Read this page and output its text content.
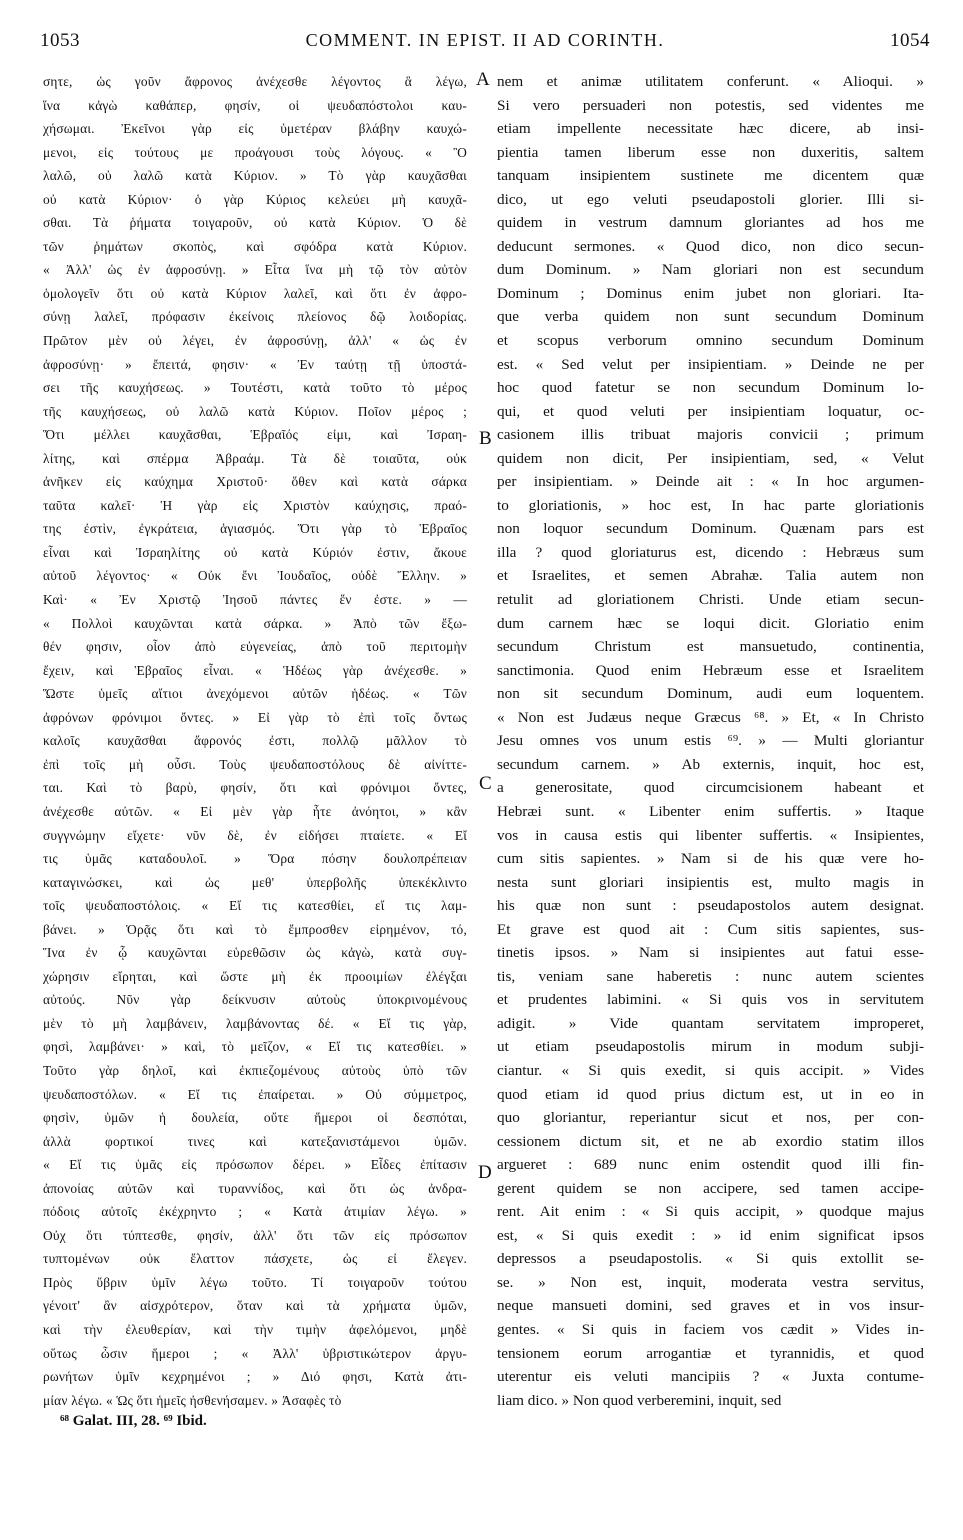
1053	COMMENT. IN EPIST. II AD CORINTH.	1054
σητε, ὡς γοῦν ἄφρονος ἀνέχεσθε λέγοντος ἃ λέγω,
ἵνα κἀγὼ καθάπερ, φησίν, οἱ ψευδαπόστολοι καυ-
χήσωμαι. Ἐκεῖνοι γὰρ εἰς ὑμετέραν βλάβην καυχώ-
μενοι, εἰς τούτους με προάγουσι τοὺς λόγους. « Ὃ
λαλῶ, οὐ λαλῶ κατὰ Κύριον. » Τὸ γὰρ καυχᾶσθαι
οὐ κατὰ Κύριον· ὁ γὰρ Κύριος κελεύει μὴ καυχᾶ-
σθαι. Τὰ ῥήματα τοιγαροῦν, οὐ κατὰ Κύριον. Ὁ δὲ
τῶν ῥημάτων σκοπὸς, καὶ σφόδρα κατὰ Κύριον.
« Ἀλλ' ὡς ἐν ἀφροσύνῃ. » Εἶτα ἵνα μὴ τῷ τὸν αὐτὸν
ὁμολογεῖν ὅτι οὐ κατὰ Κύριον λαλεῖ, καὶ ὅτι ἐν ἀφρο-
σύνῃ λαλεῖ, πρόφασιν ἐκείνοις πλείονος δῷ λοιδορίας.
Πρῶτον μὲν οὐ λέγει, ἐν ἀφροσύνῃ, ἀλλ' « ὡς ἐν
ἀφροσύνῃ· » ἔπειτά, φησιν· « Ἐν ταύτῃ τῇ ὑποστά-
σει τῆς καυχήσεως. » Τουτέστι, κατὰ τοῦτο τὸ μέρος
τῆς καυχήσεως, οὐ λαλῶ κατὰ Κύριον. Ποῖον μέρος ;
Ὅτι μέλλει καυχᾶσθαι, Ἑβραῖός εἰμι, καὶ Ἰσραη-
λίτης, καὶ σπέρμα Ἀβραάμ. Τὰ δὲ τοιαῦτα, οὐκ
ἀνῆκεν εἰς καύχημα Χριστοῦ· ὅθεν καὶ κατὰ σάρκα
ταῦτα καλεῖ· Ἡ γὰρ εἰς Χριστὸν καύχησις, πραό-
της ἐστὶν, ἐγκράτεια, ἁγιασμός. Ὅτι γὰρ τὸ Ἑβραῖος
εἶναι καὶ Ἰσραηλίτης οὐ κατὰ Κύριόν ἐστιν, ἄκουε
αὐτοῦ λέγοντος· « Οὐκ ἔνι Ἰουδαῖος, οὐδὲ Ἕλλην. »
Καὶ· « Ἐν Χριστῷ Ἰησοῦ πάντες ἕν ἐστε. » —
« Πολλοὶ καυχῶνται κατὰ σάρκα. » Ἀπὸ τῶν ἔξω-
θέν φησιν, οἷον ἀπὸ εὐγενείας, ἀπὸ τοῦ περιτομὴν
ἔχειν, καὶ Ἑβραῖος εἶναι. « Ἡδέως γὰρ ἀνέχεσθε. »
Ὥστε ὑμεῖς αἴτιοι ἀνεχόμενοι αὐτῶν ἡδέως. « Τῶν
ἀφρόνων φρόνιμοι ὄντες. » Εἰ γὰρ τὸ ἐπὶ τοῖς ὄντως
καλοῖς καυχᾶσθαι ἄφρονός ἐστι, πολλῷ μᾶλλον τὸ
ἐπὶ τοῖς μὴ οὖσι. Τοὺς ψευδαποστόλους δὲ αἰνίττε-
ται. Καὶ τὸ βαρὺ, φησίν, ὅτι καὶ φρόνιμοι ὄντες,
ἀνέχεσθε αὐτῶν. « Εἰ μὲν γὰρ ἦτε ἀνόητοι, » κἂν
συγγνώμην εἴχετε· νῦν δὲ, ἐν εἰδήσει πταίετε. « Εἴ
τις ὑμᾶς καταδουλοῖ. » Ὅρα πόσην δουλοπρέπειαν
καταγινώσκει, καὶ ὡς μεθ' ὑπερβολῆς ὑπεκέκλιντο
τοῖς ψευδαποστόλοις. « Εἴ τις κατεσθίει, εἴ τις λαμ-
βάνει. » Ὁρᾷς ὅτι καὶ τὸ ἔμπροσθεν εἰρημένον, τό,
Ἵνα ἐν ᾧ καυχῶνται εὑρεθῶσιν ὡς κἀγὼ, κατὰ συγ-
χώρησιν εἴρηται, καὶ ὥστε μὴ ἐκ προοιμίων ἐλέγξαι
αὐτούς. Νῦν γὰρ δείκνυσιν αὐτοὺς ὑποκρινομένους
μὲν τὸ μὴ λαμβάνειν, λαμβάνοντας δέ. « Εἴ τις γὰρ,
φησὶ, λαμβάνει· » καὶ, τὸ μεῖζον, « Εἴ τις κατεσθίει. »
Τοῦτο γὰρ δηλοῖ, καὶ ἐκπιεζομένους αὐτοὺς ὑπὸ τῶν
ψευδαποστόλων. « Εἴ τις ἐπαίρεται. » Οὐ σύμμετρος,
φησὶν, ὑμῶν ἡ δουλεία, οὔτε ἥμεροι οἱ δεσπόται,
ἀλλὰ φορτικοί τινες καὶ κατεξανιστάμενοι ὑμῶν.
« Εἴ τις ὑμᾶς εἰς πρόσωπον δέρει. » Εἶδες ἐπίτασιν
ἀπονοίας αὐτῶν καὶ τυραννίδος, καὶ ὅτι ὡς ἀνδρα-
πόδοις αὐτοῖς ἐκέχρηντο ; « Κατὰ ἀτιμίαν λέγω. »
Οὐχ ὅτι τύπτεσθε, φησίν, ἀλλ' ὅτι τῶν εἰς πρόσωπον
τυπτομένων οὐκ ἔλαττον πάσχετε, ὡς εἰ ἔλεγεν.
Πρὸς ὕβριν ὑμῖν λέγω τοῦτο. Τί τοιγαροῦν τούτου
γένοιτ' ἂν αἰσχρότερον, ὅταν καὶ τὰ χρήματα ὑμῶν,
καὶ τὴν ἐλευθερίαν, καὶ τὴν τιμὴν ἀφελόμενοι, μηδὲ
οὕτως ὦσιν ἥμεροι ; « Ἀλλ' ὑβριστικώτερον ἀργυ-
ρωνήτων ὑμῖν κεχρημένοι ; » Διό φησι, Κατὰ ἀτι-
μίαν λέγω. « Ὡς ὅτι ἡμεῖς ἠσθενήσαμεν. » Ἀσαφὲς τὸ
nem et animæ utilitatem conferunt. « Alioqui. »
Si vero persuaderi non potestis, sed videntes me
etiam impellente necessitate hæc dicere, ab insi-
pientia tamen liberum esse non duxeritis, saltem
tanquam insipientem sustinete me dicentem quæ
dico, ut ego veluti pseudapostoli glorier. Illi si-
quidem in vestrum damnum gloriantes ad hos me
deducunt sermones. « Quod dico, non dico secun-
dum Dominum. » Nam gloriari non est secundum
Dominum ; Dominus enim jubet non gloriari. Ita-
que verba quidem non sunt secundum Dominum
et scopus verborum omnino secundum Dominum
est. « Sed velut per insipientiam. » Deinde ne per
hoc quod fatetur se non secundum Dominum lo-
qui, et quod veluti per insipientiam loquatur, oc-
casionem illis tribuat majoris convicii ; primum
quidem non dicit, Per insipientiam, sed, « Velut
per insipientiam. » Deinde ait : « In hoc argumen-
to gloriationis, » hoc est, In hac parte gloriationis
non loquor secundum Dominum. Quænam pars est
illa ? quod gloriaturus est, dicendo : Hebræus sum
et Israelites, et semen Abrahæ. Talia autem non
retulit ad gloriationem Christi. Unde etiam secun-
dum carnem hæc se loqui dicit. Gloriatio enim
secundum Christum est mansuetudo, continentia,
sanctimonia. Quod enim Hebræum esse et Israelitem
non sit secundum Dominum, audi eum loquentem.
« Non est Judæus neque Græcus ⁶⁸. » Et, « In Christo
Jesu omnes vos unum estis ⁶⁹. » — Multi gloriantur
secundum carnem. » Ab externis, inquit, hoc est,
a generositate, quod circumcisionem habeant et
Hebræi sunt. « Libenter enim suffertis. » Itaque
vos in causa estis qui libenter suffertis. « Insipientes,
cum sitis sapientes. » Nam si de his quæ vere ho-
nesta sunt gloriari insipientis est, multo magis in
his quæ non sunt : pseudapostolos autem designat.
Et grave est quod ait : Cum sitis sapientes, sus-
tinetis ipsos. » Nam si insipientes aut fatui esse-
tis, veniam sane haberetis : nunc autem scientes
et prudentes labimini. « Si quis vos in servitutem
adigit. » Vide quantam servitatem improperet,
ut etiam pseudapostolis mirum in modum subji-
ciantur. « Si quis exedit, si quis accipit. » Vides
quod etiam id quod prius dictum est, ut in eo in
quo gloriantur, reperiantur sicut et nos, per con-
cessionem dictum sit, et ne ab exordio statim illos
argueret : 689 nunc enim ostendit quod illi fin-
gerent quidem se non accipere, sed tamen accipe-
rent. Ait enim : « Si quis accipit, » quodque majus
est, « Si quis exedit : » id enim significat ipsos
depressos a pseudapostolis. « Si quis extollit se-
se. » Non est, inquit, moderata vestra servitus,
neque mansueti domini, sed graves et in vos insur-
gentes. « Si quis in faciem vos cædit » Vides in-
tensionem eorum arrogantiæ et tyrannidis, et quod
uterentur eis veluti mancipiis ? « Juxta contume-
liam dico. » Non quod verberemini, inquit, sed
A
B
C
D
⁶⁸ Galat. III, 28. ⁶⁹ Ibid.
